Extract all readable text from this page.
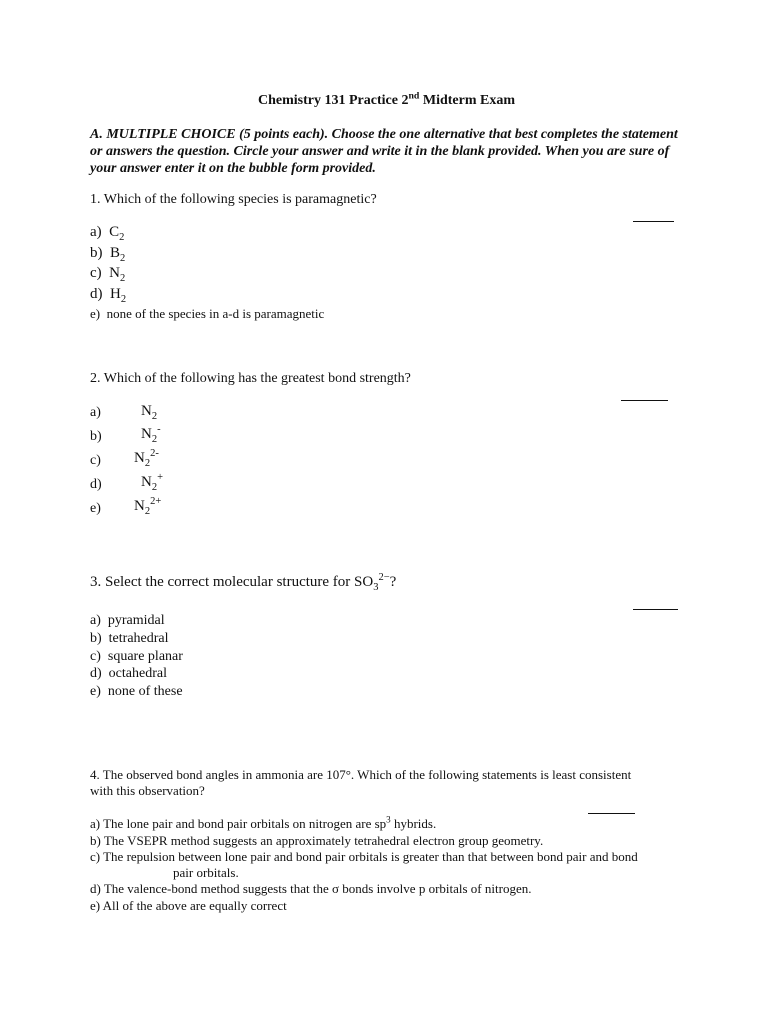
Chemistry 131 Practice 2nd Midterm Exam
A. MULTIPLE CHOICE (5 points each). Choose the one alternative that best completes the statement
or answers the question. Circle your answer and write it in the blank provided. When you are sure of
your answer enter it on the bubble form provided.
1. Which of the following species is paramagnetic?
a) $C_2$
b) $B_2$
c) $N_2$
d) $H_2$
e) none of the species in a-d is paramagnetic
2. Which of the following has the greatest bond strength?
a)	$N_2$
b)	$N_2^-$
c) $N_2^{2-}$
d)	$N_2^+$
e) $N_2^{2+}$
3. Select the correct molecular structure for $SO_3^{2-}$?
a) pyramidal
b) tetrahedral
c) square planar
d) octahedral
e) none of these
4. The observed bond angles in ammonia are 107°. Which of the following statements is least consistent
with this observation?
a) The lone pair and bond pair orbitals on nitrogen are $sp^3$ hybrids.
b) The VSEPR method suggests an approximately tetrahedral electron group geometry.
c) The repulsion between lone pair and bond pair orbitals is greater than that between bond pair and bond
pair orbitals.
d) The valence-bond method suggests that the σ bonds involve p orbitals of nitrogen.
e) All of the above are equally correct
